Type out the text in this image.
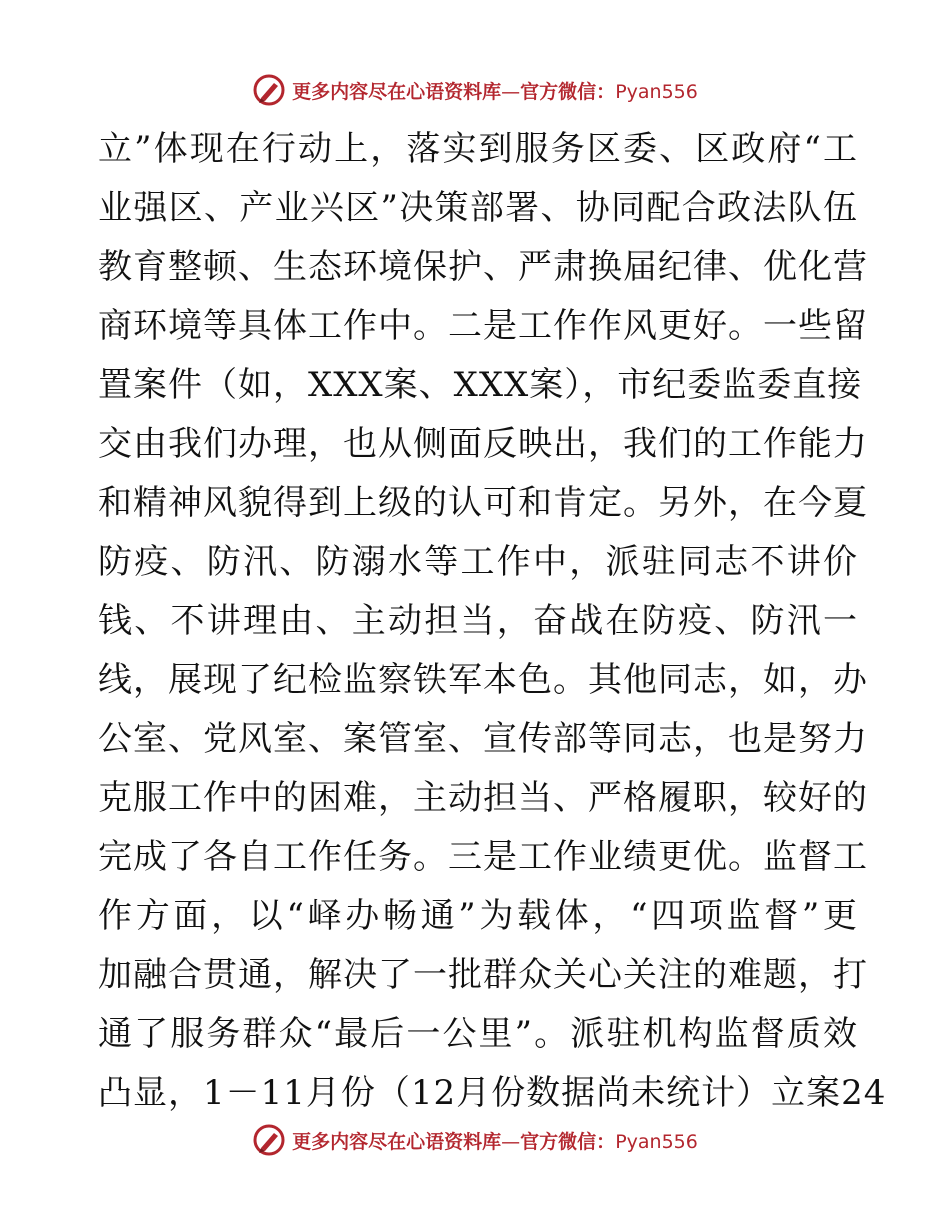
更多内容尽在心语资料库—官方微信：Pyan556
立”体现在行动上，落实到服务区委、区政府“工
业强区、产业兴区”决策部署、协同配合政法队伍
教育整顿、生态环境保护、严肃换届纪律、优化营
商环境等具体工作中。二是工作作风更好。一些留
置案件（如，XXX案、XXX案），市纪委监委直接
交由我们办理，也从侧面反映出，我们的工作能力
和精神风貌得到上级的认可和肯定。另外，在今夏
防疫、防汛、防溺水等工作中，派驻同志不讲价
钱、不讲理由、主动担当，奋战在防疫、防汛一
线，展现了纪检监察铁军本色。其他同志，如，办
公室、党风室、案管室、宣传部等同志，也是努力
克服工作中的困难，主动担当、严格履职，较好的
完成了各自工作任务。三是工作业绩更优。监督工
作方面，以“峄办畅通”为载体，“四项监督”更
加融合贯通，解决了一批群众关心关注的难题，打
通了服务群众“最后一公里”。派驻机构监督质效
凸显，1－11月份（12月份数据尚未统计）立案24
更多内容尽在心语资料库—官方微信：Pyan556
